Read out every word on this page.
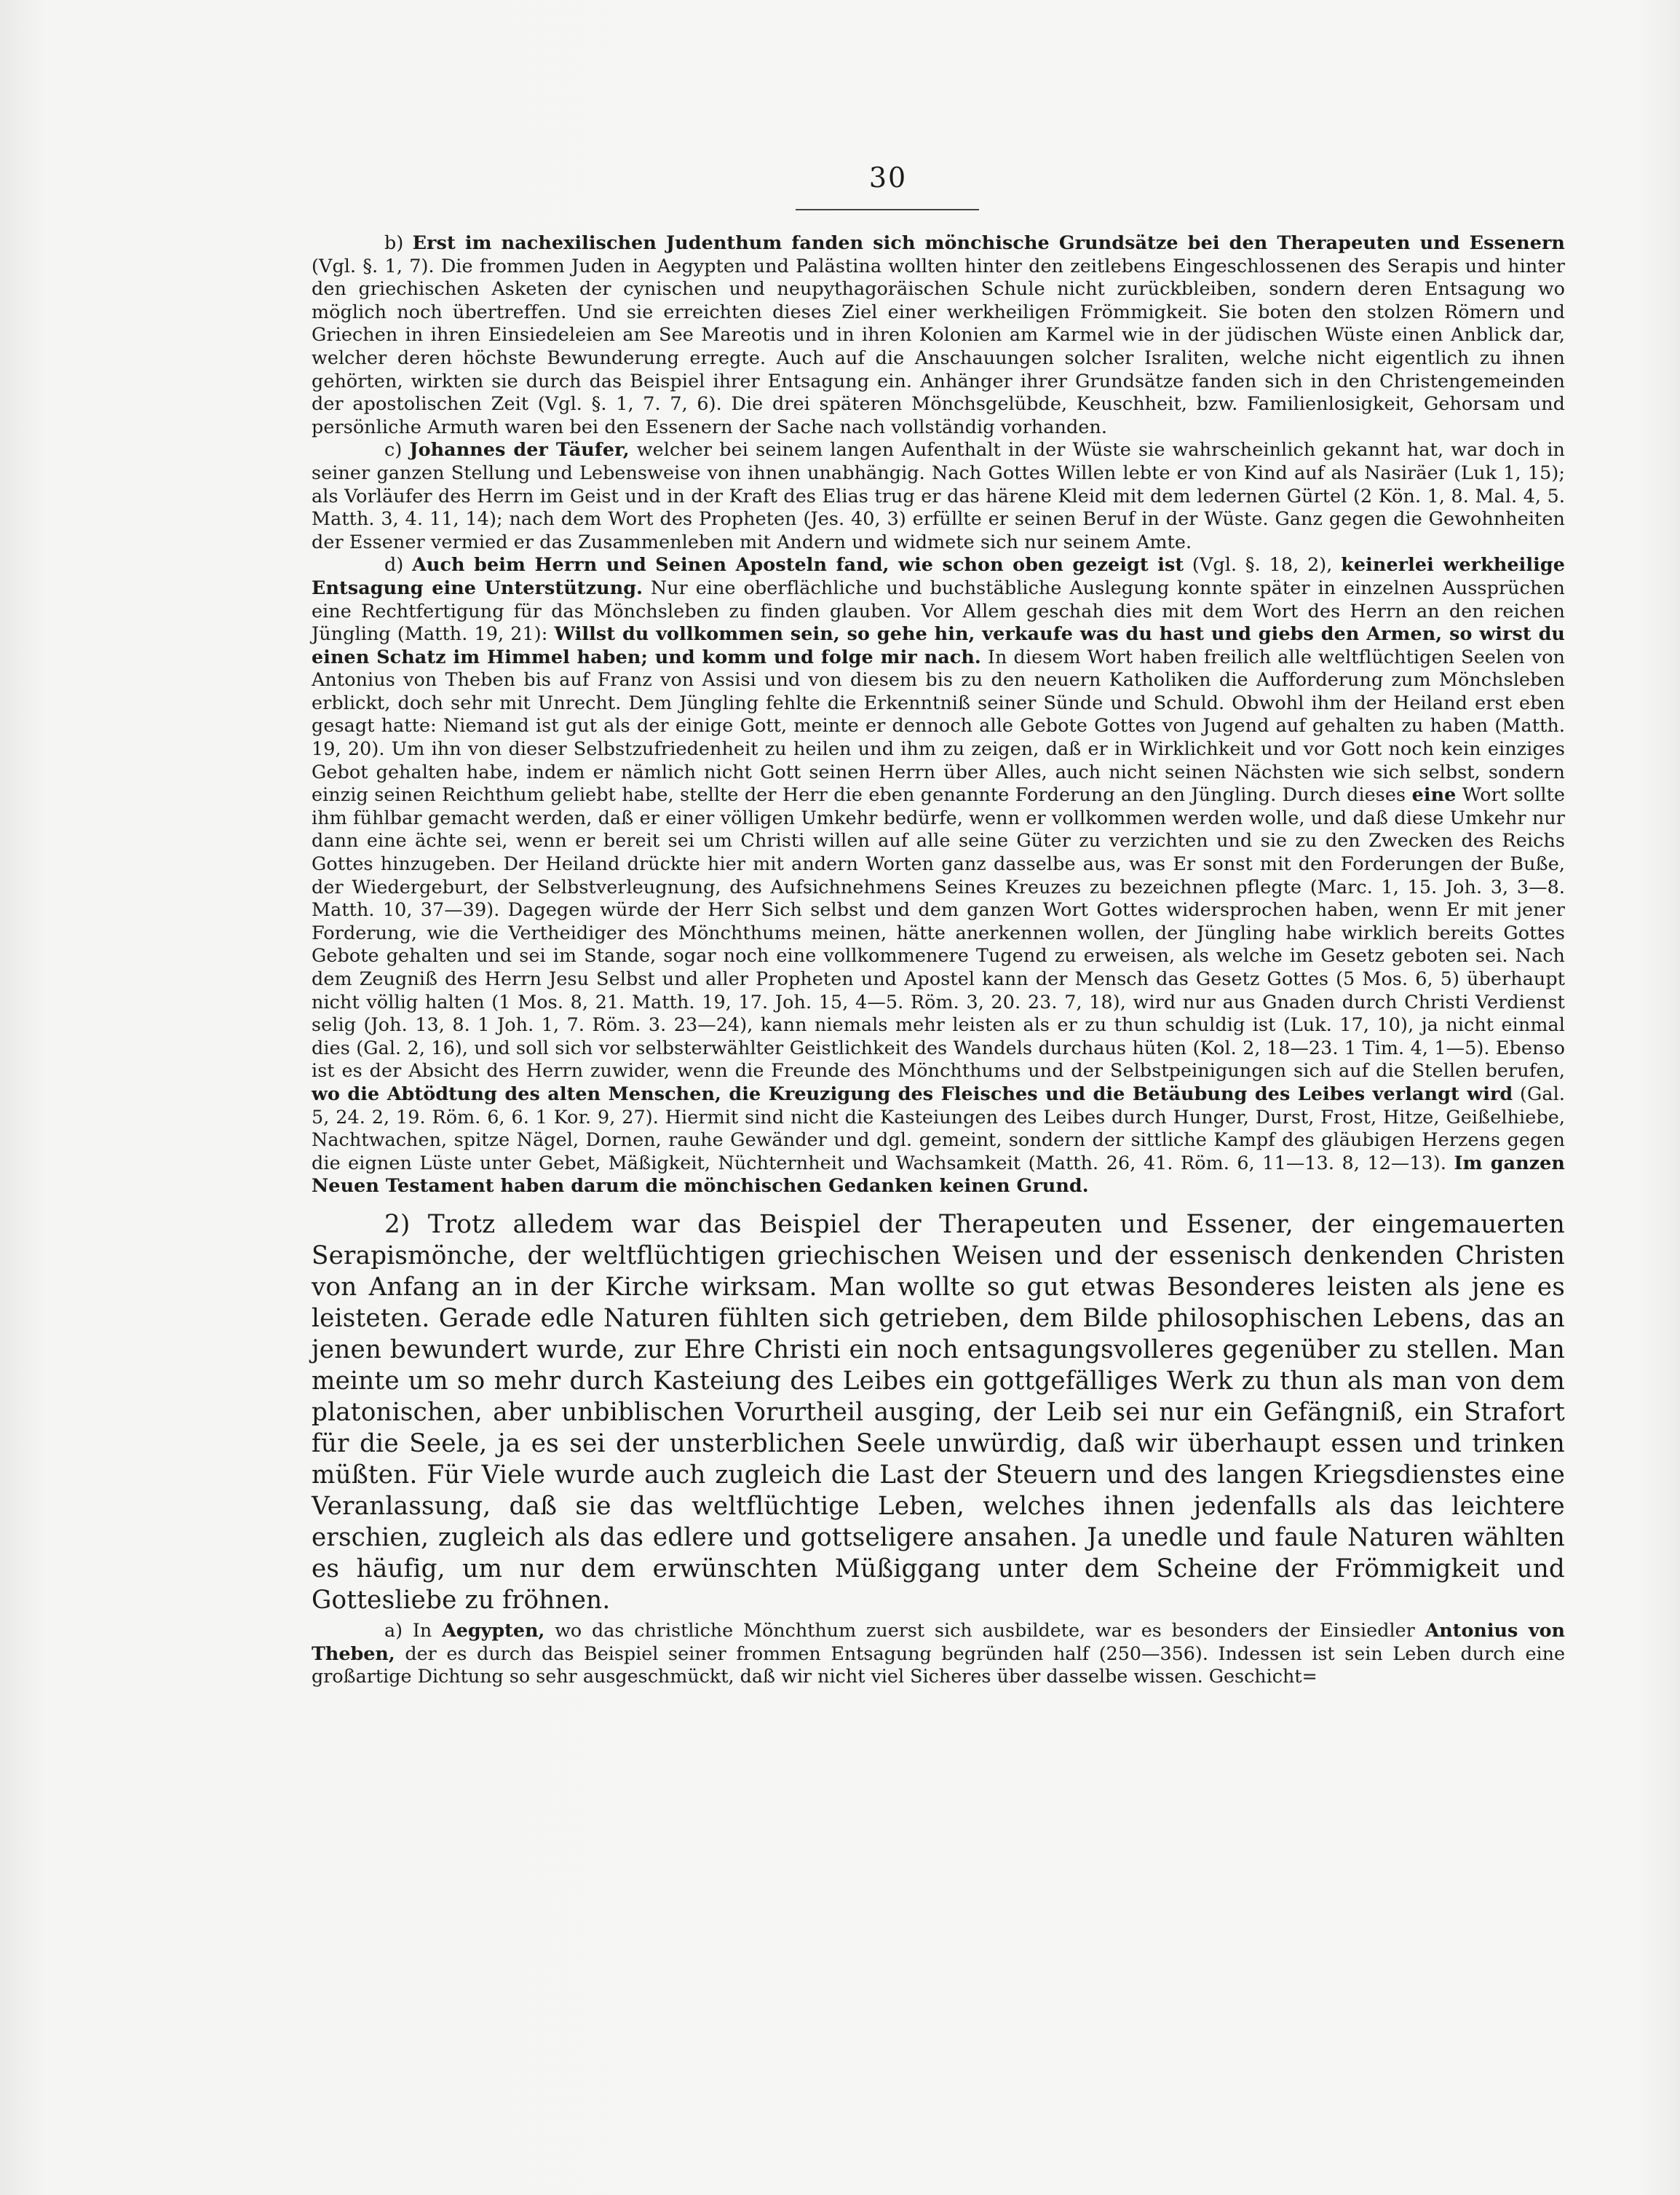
30

b) Erst im nachexilischen Judenthum fanden sich mönchische Grundsätze bei den Therapeuten und Essenern (Vgl. §. 1, 7). Die frommen Juden in Aegypten und Palästina wollten hinter den zeitlebens Eingeschlossenen des Serapis und hinter den griechischen Asketen der cynischen und neupythagoräischen Schule nicht zurückbleiben, sondern deren Entsagung wo möglich noch übertreffen. Und sie erreichten dieses Ziel einer werkheiligen Frömmigkeit. Sie boten den stolzen Römern und Griechen in ihren Einsiedeleien am See Mareotis und in ihren Kolonien am Karmel wie in der jüdischen Wüste einen Anblick dar, welcher deren höchste Bewunderung erregte. Auch auf die Anschauungen solcher Israliten, welche nicht eigentlich zu ihnen gehörten, wirkten sie durch das Beispiel ihrer Entsagung ein. Anhänger ihrer Grundsätze fanden sich in den Christengemeinden der apostolischen Zeit (Vgl. §. 1, 7. 7, 6). Die drei späteren Mönchsgelübde, Keuschheit, bzw. Familienlosigkeit, Gehorsam und persönliche Armuth waren bei den Essenern der Sache nach vollständig vorhanden.

c) Johannes der Täufer, welcher bei seinem langen Aufenthalt in der Wüste sie wahrscheinlich gekannt hat, war doch in seiner ganzen Stellung und Lebensweise von ihnen unabhängig. Nach Gottes Willen lebte er von Kind auf als Nasiräer (Luk 1, 15); als Vorläufer des Herrn im Geist und in der Kraft des Elias trug er das härene Kleid mit dem ledernen Gürtel (2 Kön. 1, 8. Mal. 4, 5. Matth. 3, 4. 11, 14); nach dem Wort des Propheten (Jes. 40, 3) erfüllte er seinen Beruf in der Wüste. Ganz gegen die Gewohnheiten der Essener vermied er das Zusammenleben mit Andern und widmete sich nur seinem Amte.

d) Auch beim Herrn und Seinen Aposteln fand, wie schon oben gezeigt ist (Vgl. §. 18, 2), keinerlei werkheilige Entsagung eine Unterstützung. Nur eine oberflächliche und buchstäbliche Auslegung konnte später in einzelnen Aussprüchen eine Rechtfertigung für das Mönchsleben zu finden glauben. Vor Allem geschah dies mit dem Wort des Herrn an den reichen Jüngling (Matth. 19, 21): Willst du vollkommen sein, so gehe hin, verkaufe was du hast und giebs den Armen, so wirst du einen Schatz im Himmel haben; und komm und folge mir nach. In diesem Wort haben freilich alle weltflüchtigen Seelen von Antonius von Theben bis auf Franz von Assisi und von diesem bis zu den neuern Katholiken die Aufforderung zum Mönchsleben erblickt, doch sehr mit Unrecht. Dem Jüngling fehlte die Erkenntniß seiner Sünde und Schuld. Obwohl ihm der Heiland erst eben gesagt hatte: Niemand ist gut als der einige Gott, meinte er dennoch alle Gebote Gottes von Jugend auf gehalten zu haben (Matth. 19, 20). Um ihn von dieser Selbstzufriedenheit zu heilen und ihm zu zeigen, daß er in Wirklichkeit und vor Gott noch kein einziges Gebot gehalten habe, indem er nämlich nicht Gott seinen Herrn über Alles, auch nicht seinen Nächsten wie sich selbst, sondern einzig seinen Reichthum geliebt habe, stellte der Herr die eben genannte Forderung an den Jüngling. Durch dieses eine Wort sollte ihm fühlbar gemacht werden, daß er einer völligen Umkehr bedürfe, wenn er vollkommen werden wolle, und daß diese Umkehr nur dann eine ächte sei, wenn er bereit sei um Christi willen auf alle seine Güter zu verzichten und sie zu den Zwecken des Reichs Gottes hinzugeben. Der Heiland drückte hier mit andern Worten ganz dasselbe aus, was Er sonst mit den Forderungen der Buße, der Wiedergeburt, der Selbstverleugnung, des Aufsichnehmens Seines Kreuzes zu bezeichnen pflegte (Marc. 1, 15. Joh. 3, 3—8. Matth. 10, 37—39). Dagegen würde der Herr Sich selbst und dem ganzen Wort Gottes widersprochen haben, wenn Er mit jener Forderung, wie die Vertheidiger des Mönchthums meinen, hätte anerkennen wollen, der Jüngling habe wirklich bereits Gottes Gebote gehalten und sei im Stande, sogar noch eine vollkommenere Tugend zu erweisen, als welche im Gesetz geboten sei. Nach dem Zeugniß des Herrn Jesu Selbst und aller Propheten und Apostel kann der Mensch das Gesetz Gottes (5 Mos. 6, 5) überhaupt nicht völlig halten (1 Mos. 8, 21. Matth. 19, 17. Joh. 15, 4—5. Röm. 3, 20. 23. 7, 18), wird nur aus Gnaden durch Christi Verdienst selig (Joh. 13, 8. 1 Joh. 1, 7. Röm. 3. 23—24), kann niemals mehr leisten als er zu thun schuldig ist (Luk. 17, 10), ja nicht einmal dies (Gal. 2, 16), und soll sich vor selbsterwählter Geistlichkeit des Wandels durchaus hüten (Kol. 2, 18—23. 1 Tim. 4, 1—5). Ebenso ist es der Absicht des Herrn zuwider, wenn die Freunde des Mönchthums und der Selbstpeinigungen sich auf die Stellen berufen, wo die Abtödtung des alten Menschen, die Kreuzigung des Fleisches und die Betäubung des Leibes verlangt wird (Gal. 5, 24. 2, 19. Röm. 6, 6. 1 Kor. 9, 27). Hiermit sind nicht die Kasteiungen des Leibes durch Hunger, Durst, Frost, Hitze, Geißelhiebe, Nachtwachen, spitze Nägel, Dornen, rauhe Gewänder und dgl. gemeint, sondern der sittliche Kampf des gläubigen Herzens gegen die eignen Lüste unter Gebet, Mäßigkeit, Nüchternheit und Wachsamkeit (Matth. 26, 41. Röm. 6, 11—13. 8, 12—13). Im ganzen Neuen Testament haben darum die mönchischen Gedanken keinen Grund.

2) Trotz alledem war das Beispiel der Therapeuten und Essener, der eingemauerten Serapismönche, der weltflüchtigen griechischen Weisen und der essenisch denkenden Christen von Anfang an in der Kirche wirksam. Man wollte so gut etwas Besonderes leisten als jene es leisteten. Gerade edle Naturen fühlten sich getrieben, dem Bilde philosophischen Lebens, das an jenen bewundert wurde, zur Ehre Christi ein noch entsagungsvolleres gegenüber zu stellen. Man meinte um so mehr durch Kasteiung des Leibes ein gottgefälliges Werk zu thun als man von dem platonischen, aber unbiblischen Vorurtheil ausging, der Leib sei nur ein Gefängniß, ein Strafort für die Seele, ja es sei der unsterblichen Seele unwürdig, daß wir überhaupt essen und trinken müßten. Für Viele wurde auch zugleich die Last der Steuern und des langen Kriegsdienstes eine Veranlassung, daß sie das weltflüchtige Leben, welches ihnen jedenfalls als das leichtere erschien, zugleich als das edlere und gottseligere ansahen. Ja unedle und faule Naturen wählten es häufig, um nur dem erwünschten Müßiggang unter dem Scheine der Frömmigkeit und Gottesliebe zu fröhnen.

a) In Aegypten, wo das christliche Mönchthum zuerst sich ausbildete, war es besonders der Einsiedler Antonius von Theben, der es durch das Beispiel seiner frommen Entsagung begründen half (250—356). Indessen ist sein Leben durch eine großartige Dichtung so sehr ausgeschmückt, daß wir nicht viel Sicheres über dasselbe wissen. Geschicht=
